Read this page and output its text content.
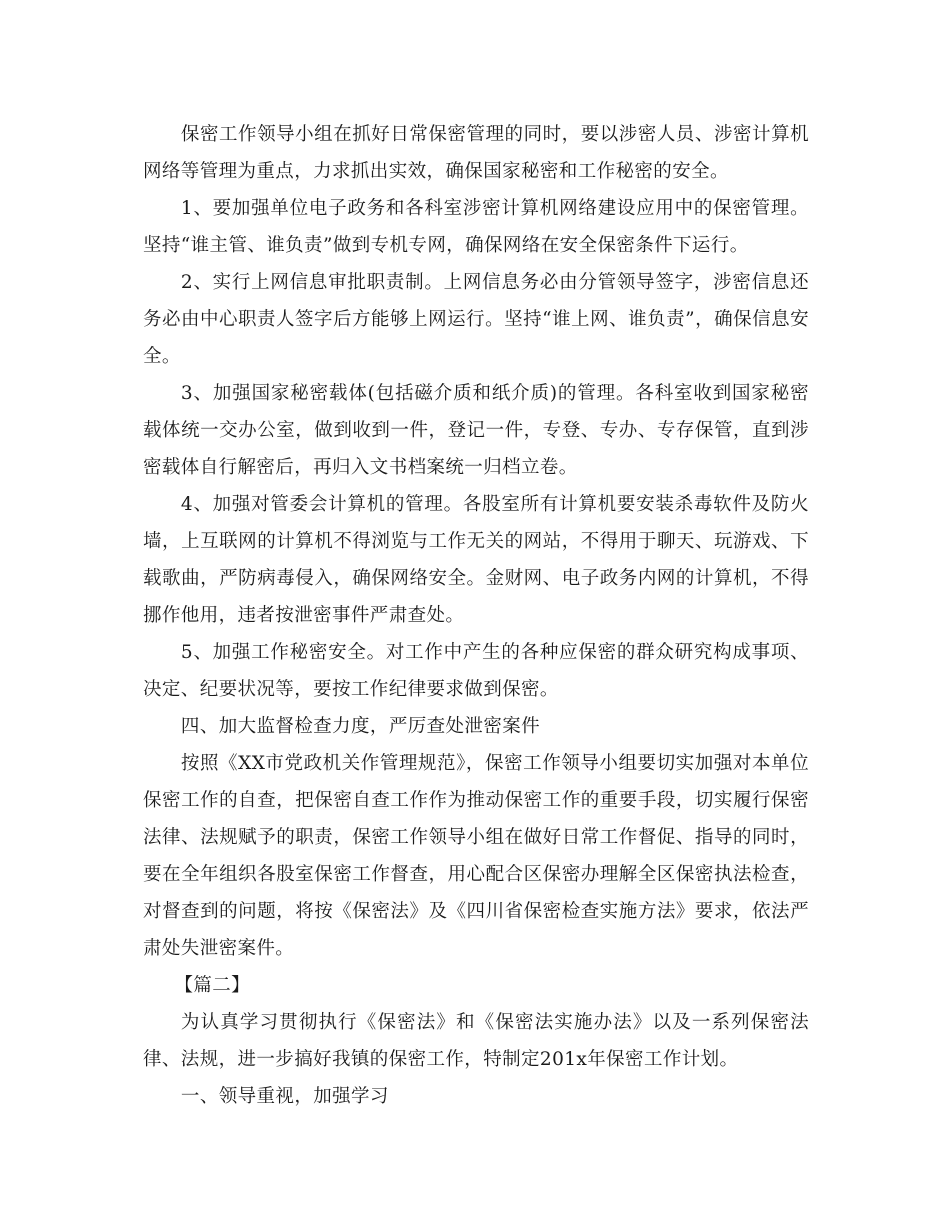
保密工作领导小组在抓好日常保密管理的同时，要以涉密人员、涉密计算机网络等管理为重点，力求抓出实效，确保国家秘密和工作秘密的安全。

1、要加强单位电子政务和各科室涉密计算机网络建设应用中的保密管理。坚持“谁主管、谁负责”做到专机专网，确保网络在安全保密条件下运行。

2、实行上网信息审批职责制。上网信息务必由分管领导签字，涉密信息还务必由中心职责人签字后方能够上网运行。坚持“谁上网、谁负责”，确保信息安全。

3、加强国家秘密载体(包括磁介质和纸介质)的管理。各科室收到国家秘密载体统一交办公室，做到收到一件，登记一件，专登、专办、专存保管，直到涉密载体自行解密后，再归入文书档案统一归档立卷。

4、加强对管委会计算机的管理。各股室所有计算机要安装杀毒软件及防火墙，上互联网的计算机不得浏览与工作无关的网站，不得用于聊天、玩游戏、下载歌曲，严防病毒侵入，确保网络安全。金财网、电子政务内网的计算机，不得挪作他用，违者按泄密事件严肃查处。

5、加强工作秘密安全。对工作中产生的各种应保密的群众研究构成事项、决定、纪要状况等，要按工作纪律要求做到保密。

四、加大监督检查力度，严厉查处泄密案件

按照《XX市党政机关作管理规范》，保密工作领导小组要切实加强对本单位保密工作的自查，把保密自查工作作为推动保密工作的重要手段，切实履行保密法律、法规赋予的职责，保密工作领导小组在做好日常工作督促、指导的同时，要在全年组织各股室保密工作督查，用心配合区保密办理解全区保密执法检查，对督查到的问题，将按《保密法》及《四川省保密检查实施方法》要求，依法严肃处失泄密案件。

【篇二】

为认真学习贯彻执行《保密法》和《保密法实施办法》以及一系列保密法律、法规，进一步搞好我镇的保密工作，特制定201x年保密工作计划。

一、领导重视，加强学习
